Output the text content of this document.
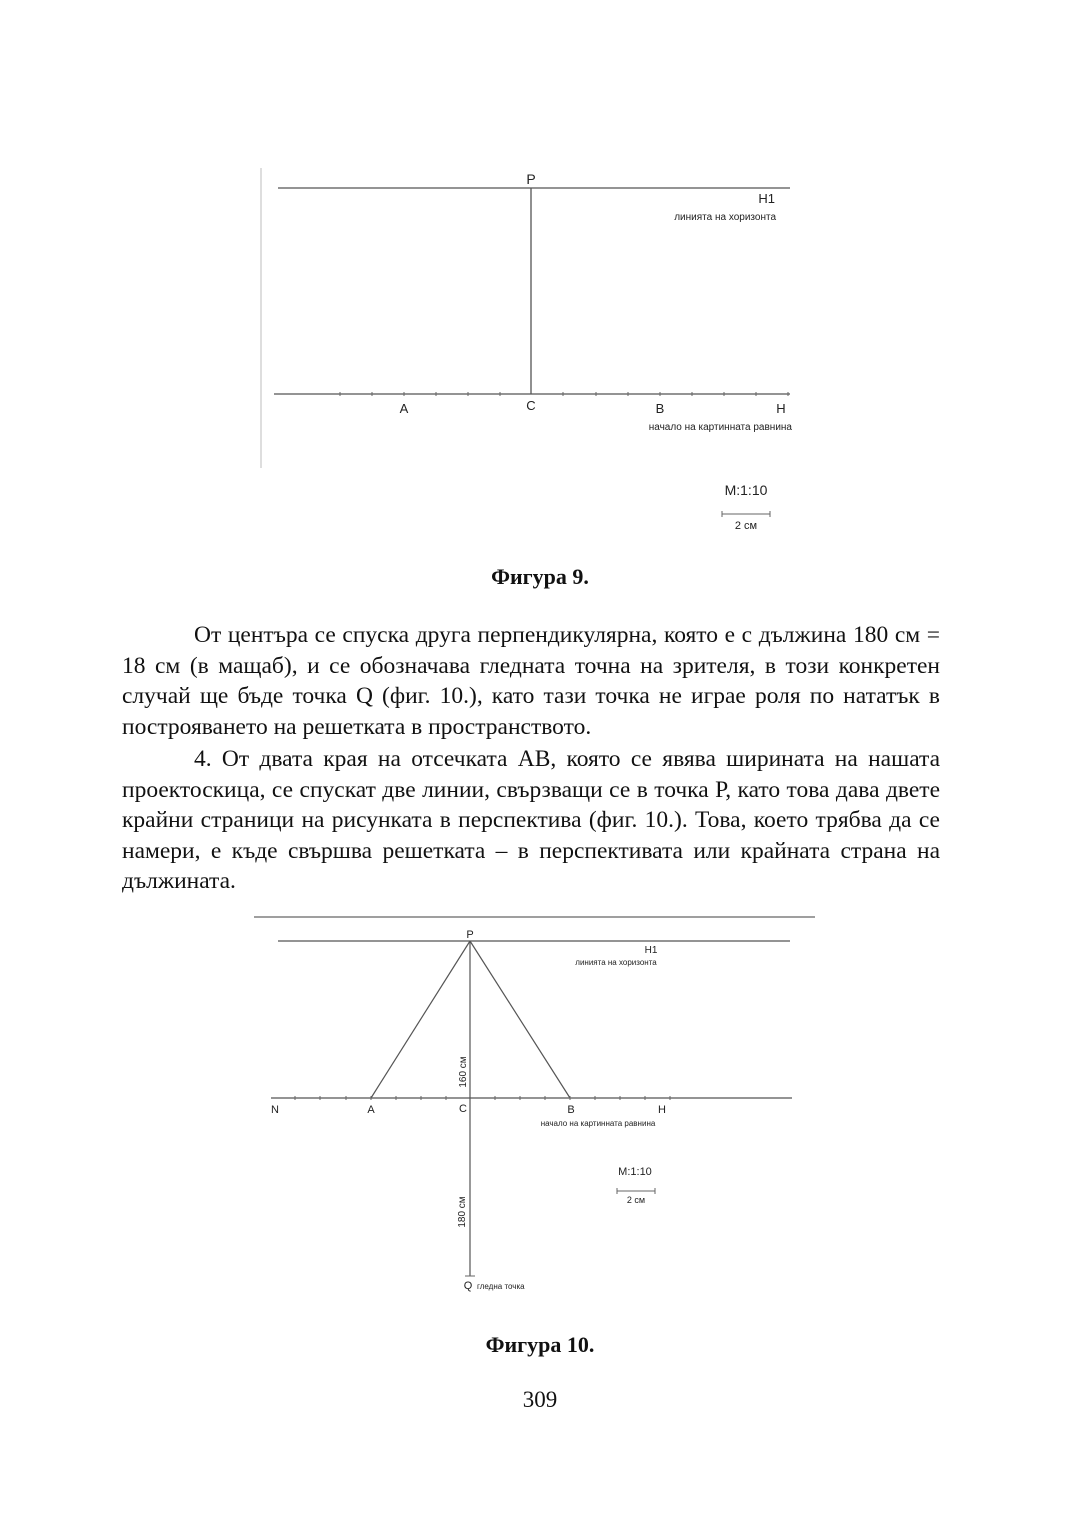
P
H1
линията на хоризонта
A	C	B	H
начало на картинната равнина
M:1:10
2 см

Фигура 9.

От центъра се спуска друга перпендикулярна, която е с дължина 180 см = 18 см (в мащаб), и се обозначава гледната точна на зрителя, в този конкретен случай ще бъде точка Q (фиг. 10.), като тази точка не играе роля по нататък в построяването на решетката в пространството.

4. От двата края на отсечката АВ, която се явява ширината на нашата проектоскица, се спускат две линии, свързващи се в точка Р, като това дава двете крайни страници на рисунката в перспектива (фиг. 10.). Това, което трябва да се намери, е къде свършва решетката – в перспективата или крайната страна на дължината.

P
H1
линията на хоризонта
160 см
180 см
N	A	C	B	H
начало на картинната равнина
M:1:10
2 см
Q гледна точка

Фигура 10.

309
